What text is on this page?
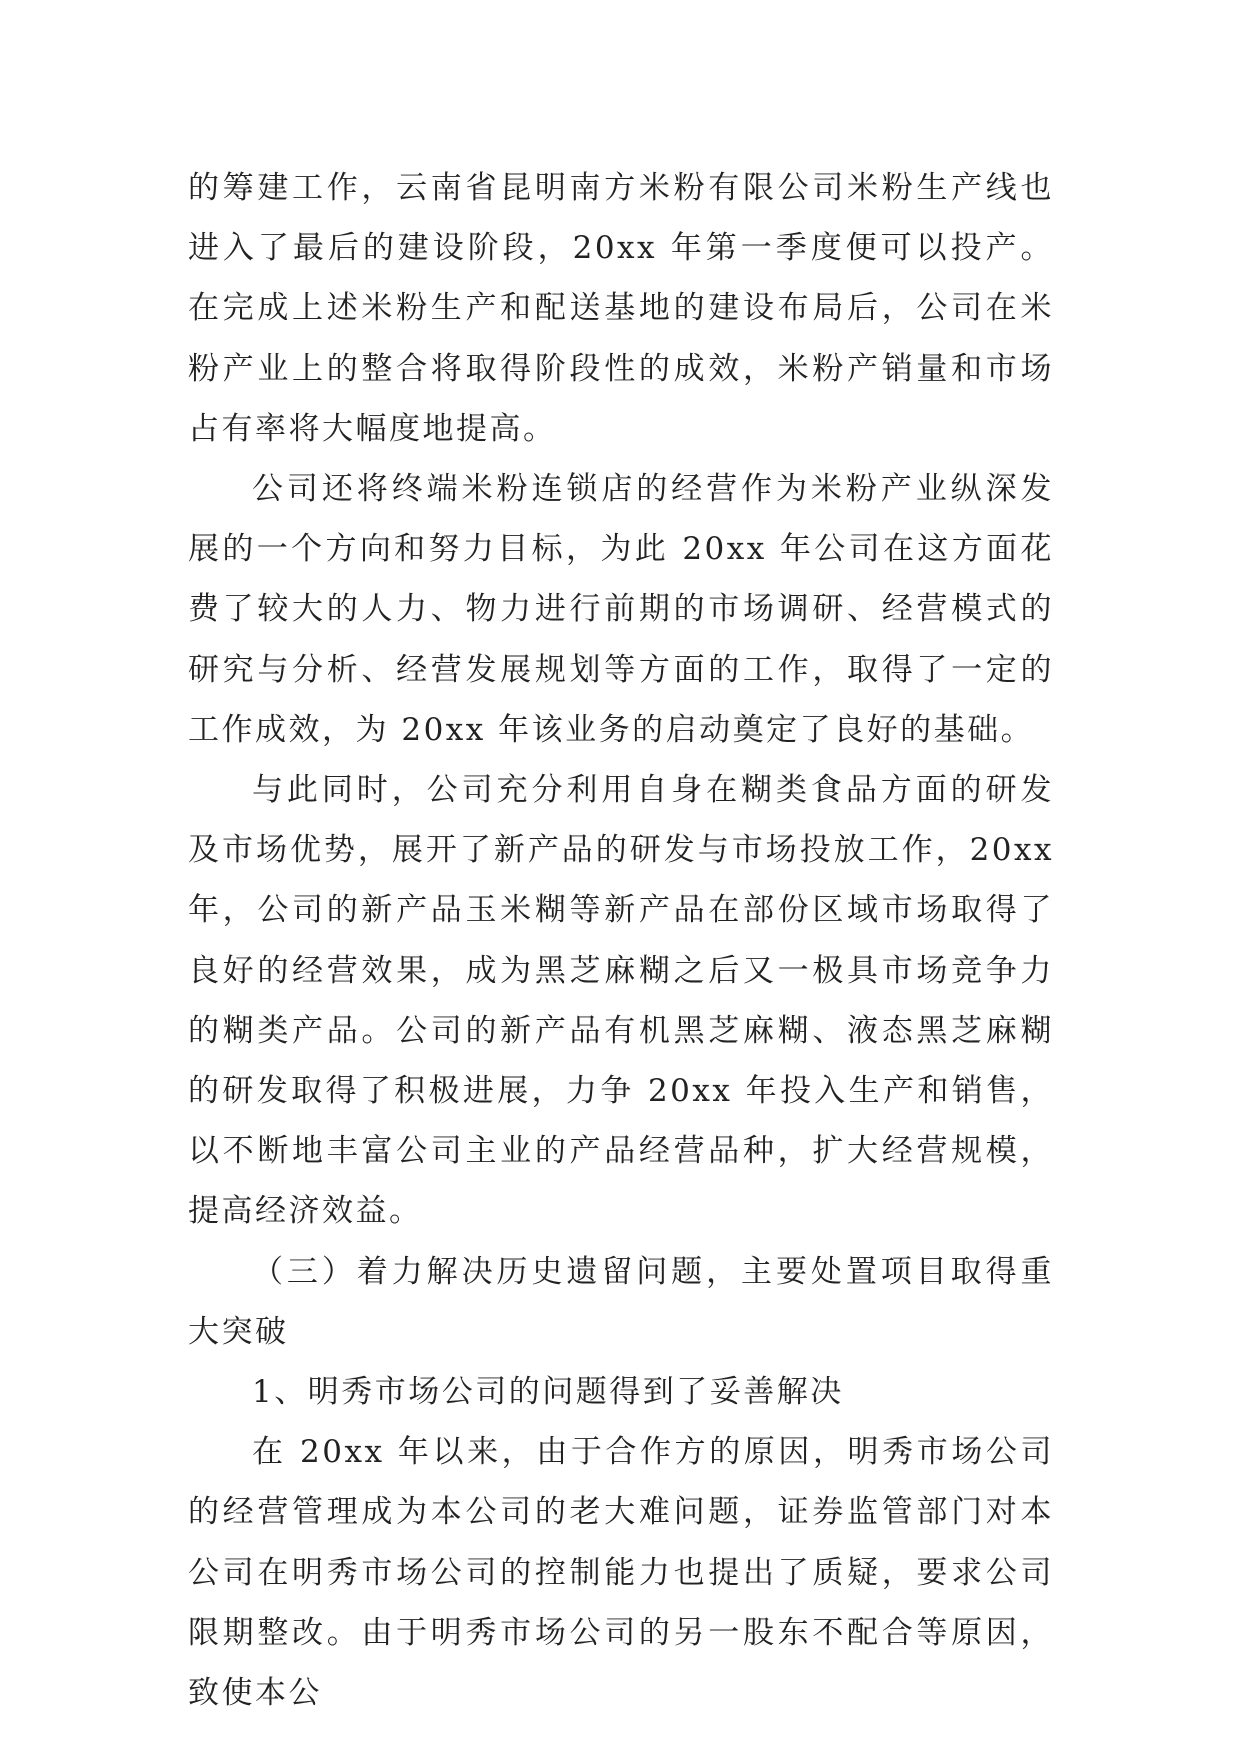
的筹建工作，云南省昆明南方米粉有限公司米粉生产线也进入了最后的建设阶段，20xx 年第一季度便可以投产。在完成上述米粉生产和配送基地的建设布局后，公司在米粉产业上的整合将取得阶段性的成效，米粉产销量和市场占有率将大幅度地提高。

公司还将终端米粉连锁店的经营作为米粉产业纵深发展的一个方向和努力目标，为此 20xx 年公司在这方面花费了较大的人力、物力进行前期的市场调研、经营模式的研究与分析、经营发展规划等方面的工作，取得了一定的工作成效，为 20xx 年该业务的启动奠定了良好的基础。

与此同时，公司充分利用自身在糊类食品方面的研发及市场优势，展开了新产品的研发与市场投放工作，20xx 年，公司的新产品玉米糊等新产品在部份区域市场取得了良好的经营效果，成为黑芝麻糊之后又一极具市场竞争力的糊类产品。公司的新产品有机黑芝麻糊、液态黑芝麻糊的研发取得了积极进展，力争 20xx 年投入生产和销售，以不断地丰富公司主业的产品经营品种，扩大经营规模，提高经济效益。

（三）着力解决历史遗留问题，主要处置项目取得重大突破

1、明秀市场公司的问题得到了妥善解决

在 20xx 年以来，由于合作方的原因，明秀市场公司的经营管理成为本公司的老大难问题，证券监管部门对本公司在明秀市场公司的控制能力也提出了质疑，要求公司限期整改。由于明秀市场公司的另一股东不配合等原因，致使本公
